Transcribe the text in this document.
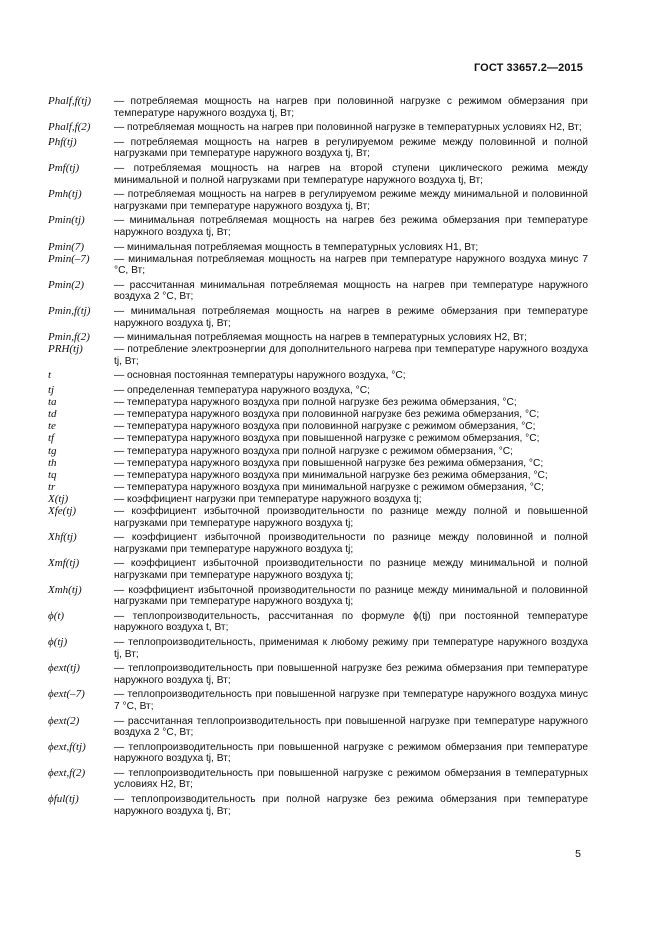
ГОСТ 33657.2—2015
Phalf,f(tj)	— потребляемая мощность на нагрев при половинной нагрузке с режимом обмерзания при температуре наружного воздуха tj, Вт;
Phalf,f(2)	— потребляемая мощность на нагрев при половинной нагрузке в температурных условиях Н2, Вт;
Phf(tj)	— потребляемая мощность на нагрев в регулируемом режиме между половинной и полной нагрузками при температуре наружного воздуха tj, Вт;
Pmf(tj)	— потребляемая мощность на нагрев на второй ступени циклического режима между минимальной и полной нагрузками при температуре наружного воздуха tj, Вт;
Pmh(tj)	— потребляемая мощность на нагрев в регулируемом режиме между минимальной и половинной нагрузками при температуре наружного воздуха tj, Вт;
Pmin(tj)	— минимальная потребляемая мощность на нагрев без режима обмерзания при температуре наружного воздуха tj, Вт;
Pmin(7)	— минимальная потребляемая мощность в температурных условиях Н1, Вт;
Pmin(–7)	— минимальная потребляемая мощность на нагрев при температуре наружного воздуха минус 7 °С, Вт;
Pmin(2)	— рассчитанная минимальная потребляемая мощность на нагрев при температуре наружного воздуха 2 °С, Вт;
Pmin,f(tj)	— минимальная потребляемая мощность на нагрев в режиме обмерзания при температуре наружного воздуха tj, Вт;
Pmin,f(2)	— минимальная потребляемая мощность на нагрев в температурных условиях Н2, Вт;
PRH(tj)	— потребление электроэнергии для дополнительного нагрева при температуре наружного воздуха tj, Вт;
t	— основная постоянная температуры наружного воздуха, °С;
tj	— определенная температура наружного воздуха, °С;
ta	— температура наружного воздуха при полной нагрузке без режима обмерзания, °С;
td	— температура наружного воздуха при половинной нагрузке без режима обмерзания, °С;
te	— температура наружного воздуха при половинной нагрузке с режимом обмерзания, °С;
tf	— температура наружного воздуха при повышенной нагрузке с режимом обмерзания, °С;
tg	— температура наружного воздуха при полной нагрузке с режимом обмерзания, °С;
th	— температура наружного воздуха при повышенной нагрузке без режима обмерзания, °С;
tq	— температура наружного воздуха при минимальной нагрузке без режима обмерзания, °С;
tr	— температура наружного воздуха при минимальной нагрузке с режимом обмерзания, °С;
X(tj)	— коэффициент нагрузки при температуре наружного воздуха tj;
Xfe(tj)	— коэффициент избыточной производительности по разнице между полной и повышенной нагрузками при температуре наружного воздуха tj;
Xhf(tj)	— коэффициент избыточной производительности по разнице между половинной и полной нагрузками при температуре наружного воздуха tj;
Xmf(tj)	— коэффициент избыточной производительности по разнице между минимальной и полной нагрузками при температуре наружного воздуха tj;
Xmh(tj)	— коэффициент избыточной производительности по разнице между минимальной и половинной нагрузками при температуре наружного воздуха tj;
ϕ(t)	— теплопроизводительность, рассчитанная по формуле ϕ(tj) при постоянной температуре наружного воздуха t, Вт;
ϕ(tj)	— теплопроизводительность, применимая к любому режиму при температуре наружного воздуха tj, Вт;
ϕext(tj)	— теплопроизводительность при повышенной нагрузке без режима обмерзания при температуре наружного воздуха tj, Вт;
ϕext(–7)	— теплопроизводительность при повышенной нагрузке при температуре наружного воздуха минус 7 °С, Вт;
ϕext(2)	— рассчитанная теплопроизводительность при повышенной нагрузке при температуре наружного воздуха 2 °С, Вт;
ϕext,f(tj)	— теплопроизводительность при повышенной нагрузке с режимом обмерзания при температуре наружного воздуха tj, Вт;
ϕext,f(2)	— теплопроизводительность при повышенной нагрузке с режимом обмерзания в температурных условиях Н2, Вт;
ϕful(tj)	— теплопроизводительность при полной нагрузке без режима обмерзания при температуре наружного воздуха tj, Вт;
5
